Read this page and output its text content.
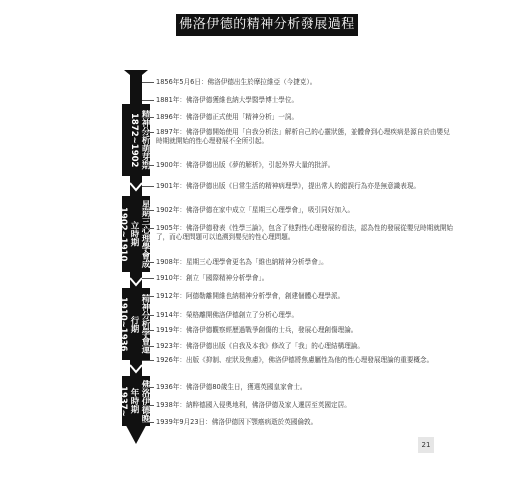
佛洛伊德的精神分析發展過程
精神分析萌芽期
1872~1902
星期三心理學會成立時期
1902~1910
精神分析學會運行期
1910~1936
佛洛伊德晚年時期
1937~
1856年5月6日：佛洛伊德出生於摩拉維亞（今捷克）。
1881年：佛洛伊德獲維也納大學醫學博士學位。
1896年：佛洛伊德正式使用「精神分析」一詞。
1897年：佛洛伊德開始使用「自我分析法」解析自己的心靈狀態，並體會到心理疾病是源自於由嬰兒時期就開始的性心理發展不全所引起。
1900年：佛洛伊德出版《夢的解析》，引起外界大量的批評。
1901年：佛洛伊德出版《日常生活的精神病理學》，提出常人的錯誤行為亦是無意識表現。
1902年：佛洛伊德在家中成立「星期三心理學會」，吸引同好加入。
1905年：佛洛伊德發表《性學三論》，包含了他對性心理發展的看法，認為性的發展從嬰兒時期就開始了，而心理問題可以追溯到嬰兒的性心理問題。
1908年：星期三心理學會更名為「維也納精神分析學會」。
1910年：創立「國際精神分析學會」。
1912年：阿德勒離開維也納精神分析學會，創建個體心理學派。
1914年：榮格離開佛洛伊德創立了分析心理學。
1919年：佛洛伊德觀察經歷過戰爭創傷的士兵，發展心理創傷理論。
1923年：佛洛伊德出版《自我及本我》修改了「我」的心理結構理論。
1926年：出版《抑制、症狀及焦慮》，佛洛伊德將焦慮屬性為他的性心理發展理論的重要概念。
1936年：佛洛伊德80歲生日，獲選英國皇家會士。
1938年：納粹德國入侵奧地利，佛洛伊德及家人遷居至英國定居。
1939年9月23日：佛洛伊德因下顎癌病逝於英國倫敦。
21
